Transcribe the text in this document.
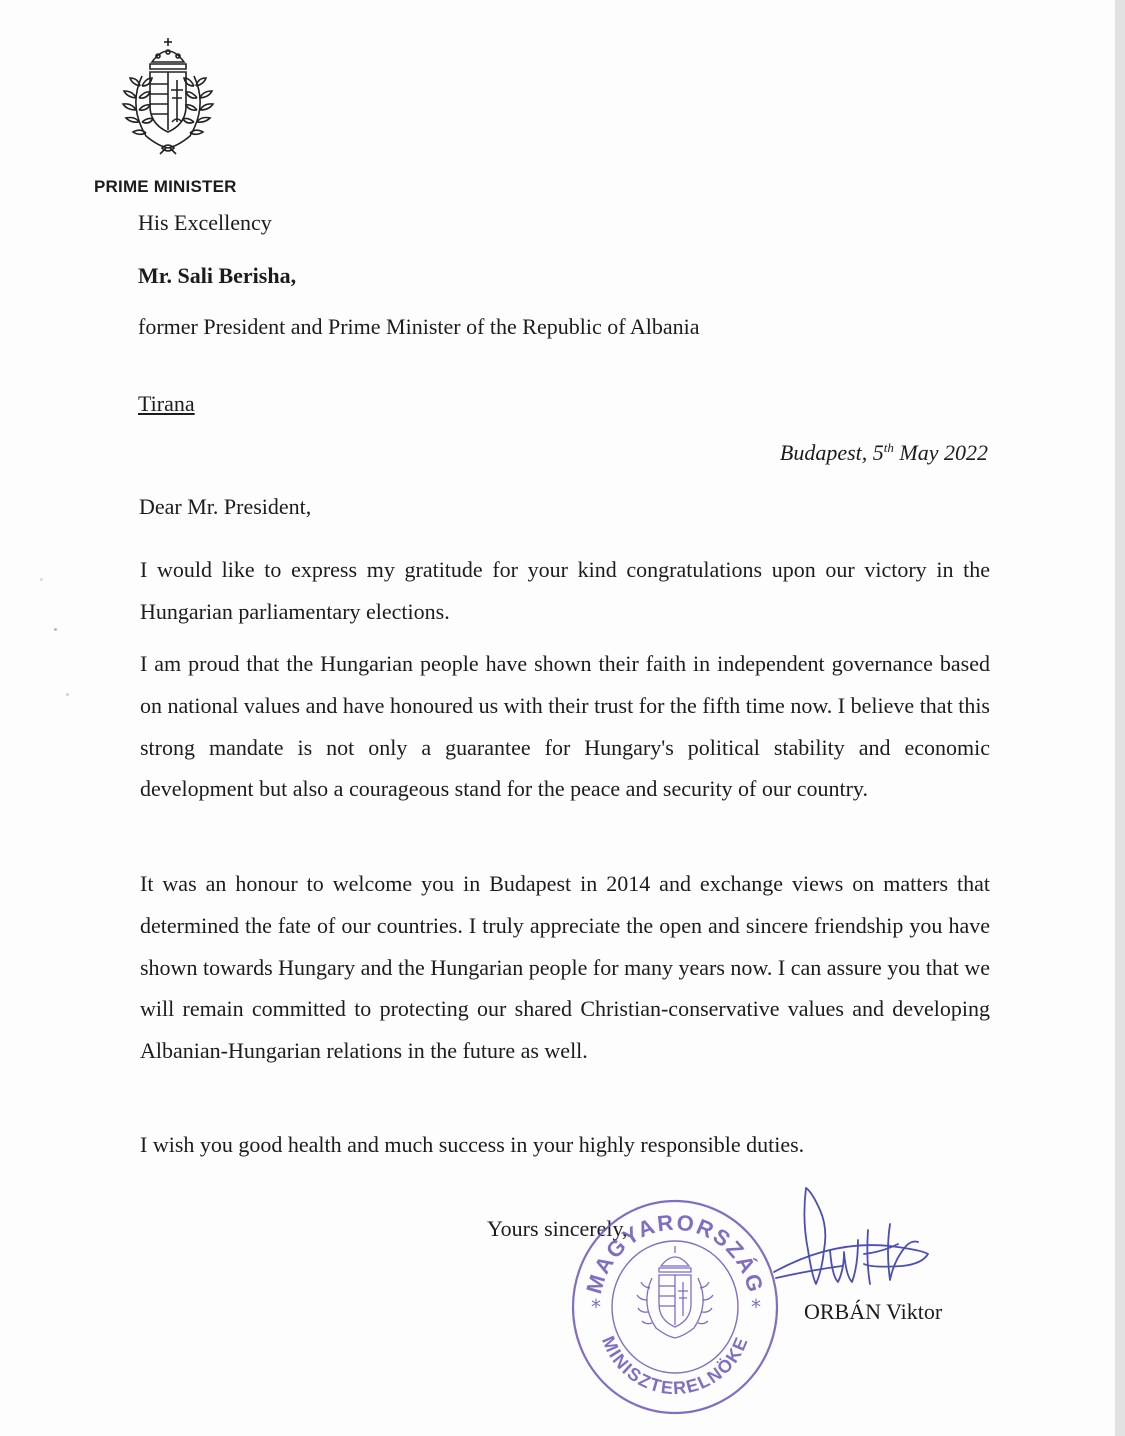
PRIME MINISTER
His Excellency
Mr. Sali Berisha,
former President and Prime Minister of the Republic of Albania
Tirana
Budapest, 5th May 2022
Dear Mr. President,
I would like to express my gratitude for your kind congratulations upon our victory in the Hungarian parliamentary elections.
I am proud that the Hungarian people have shown their faith in independent governance based on national values and have honoured us with their trust for the fifth time now. I believe that this strong mandate is not only a guarantee for Hungary's political stability and economic development but also a courageous stand for the peace and security of our country.
It was an honour to welcome you in Budapest in 2014 and exchange views on matters that determined the fate of our countries. I truly appreciate the open and sincere friendship you have shown towards Hungary and the Hungarian people for many years now. I can assure you that we will remain committed to protecting our shared Christian-conservative values and developing Albanian-Hungarian relations in the future as well.
I wish you good health and much success in your highly responsible duties.
Yours sincerely,
MAGYARORSZÁG
MINISZTERELNÖKE
*	* ORBÁN Viktor
